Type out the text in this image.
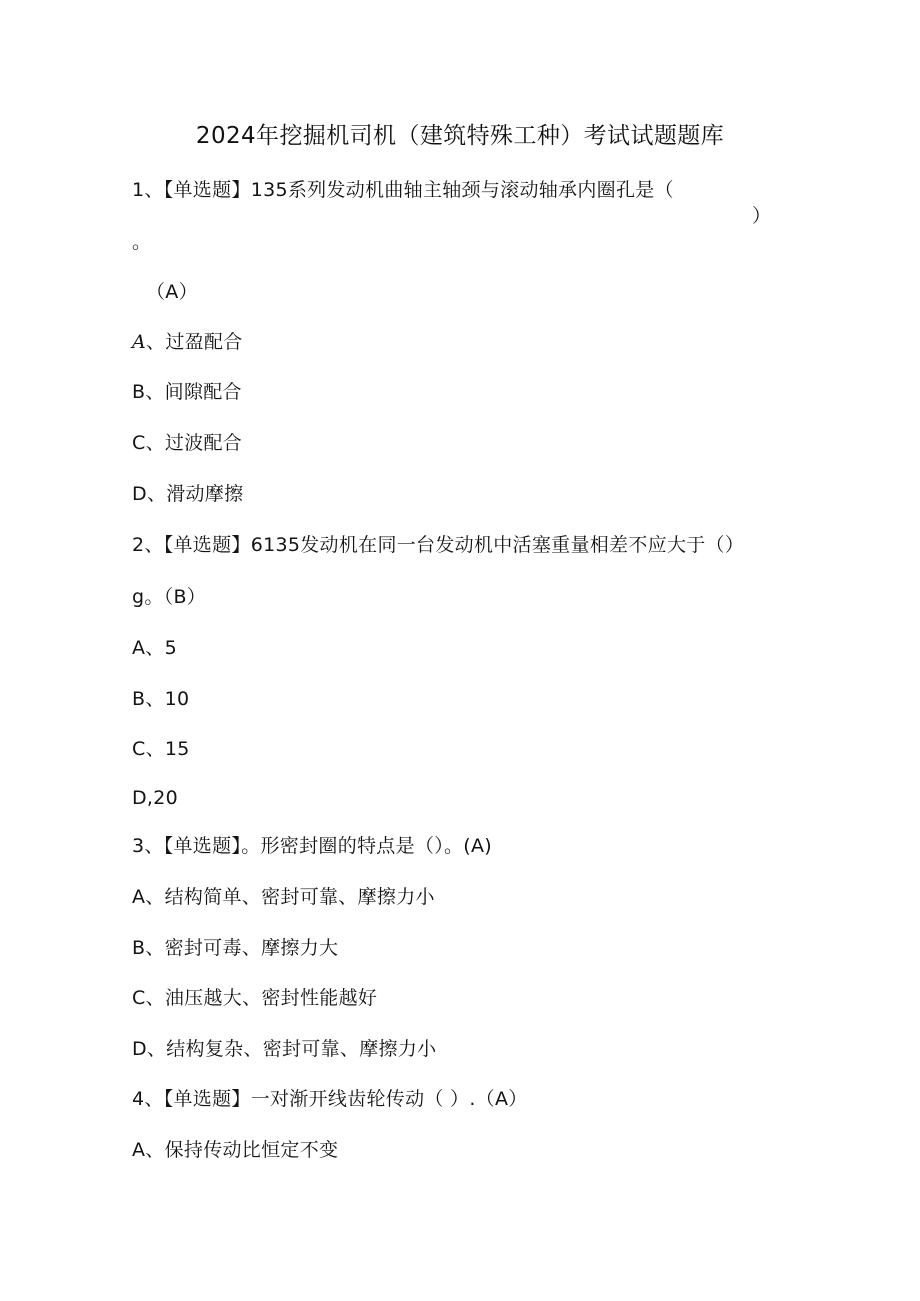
2024年挖掘机司机（建筑特殊工种）考试试题题库
1、【单选题】135系列发动机曲轴主轴颈与滚动轴承内圈孔是（
）
。
（A）
A、过盈配合
B、间隙配合
C、过波配合
D、滑动摩擦
2、【单选题】6135发动机在同一台发动机中活塞重量相差不应大于（）
g。（B）
A、5
B、10
C、15
D,20
3、【单选题】。形密封圈的特点是（）。(A)
A、结构简单、密封可靠、摩擦力小
B、密封可毒、摩擦力大
C、油压越大、密封性能越好
D、结构复杂、密封可靠、摩擦力小
4、【单选题】一对渐开线齿轮传动（ ）.（A）
A、保持传动比恒定不变
